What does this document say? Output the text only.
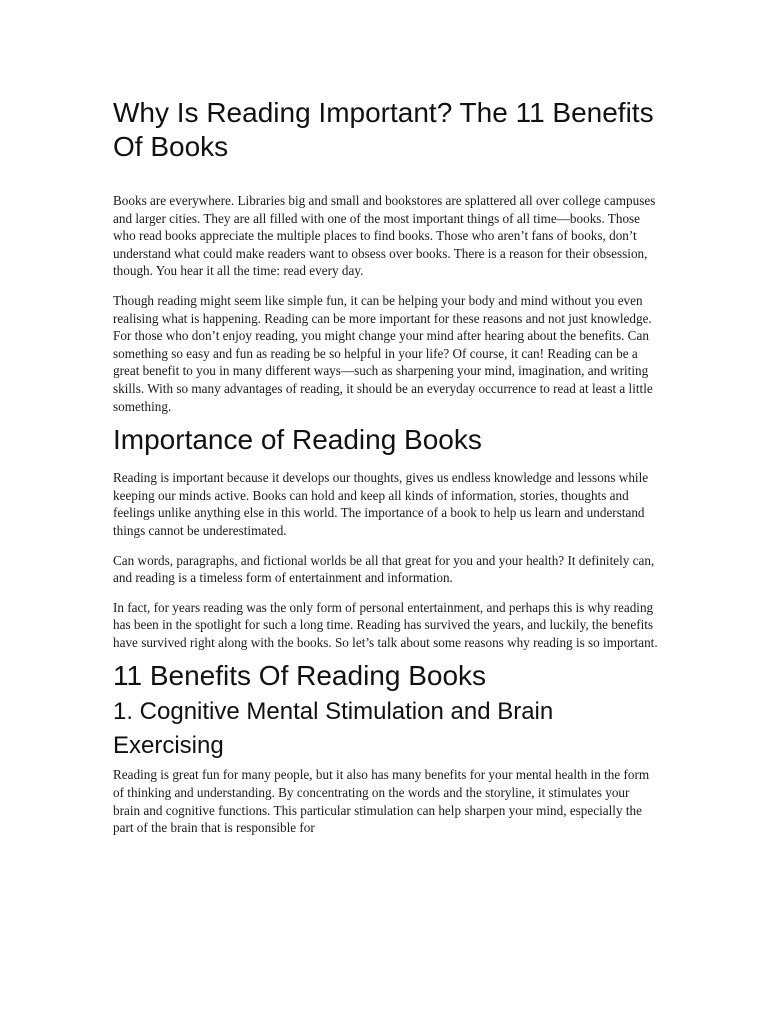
Why Is Reading Important? The 11 Benefits Of Books

Books are everywhere. Libraries big and small and bookstores are splattered all over college campuses and larger cities. They are all filled with one of the most important things of all time—books. Those who read books appreciate the multiple places to find books. Those who aren’t fans of books, don’t understand what could make readers want to obsess over books. There is a reason for their obsession, though. You hear it all the time: read every day.

Though reading might seem like simple fun, it can be helping your body and mind without you even realising what is happening. Reading can be more important for these reasons and not just knowledge. For those who don’t enjoy reading, you might change your mind after hearing about the benefits. Can something so easy and fun as reading be so helpful in your life? Of course, it can! Reading can be a great benefit to you in many different ways—such as sharpening your mind, imagination, and writing skills. With so many advantages of reading, it should be an everyday occurrence to read at least a little something.

Importance of Reading Books

Reading is important because it develops our thoughts, gives us endless knowledge and lessons while keeping our minds active. Books can hold and keep all kinds of information, stories, thoughts and feelings unlike anything else in this world. The importance of a book to help us learn and understand things cannot be underestimated.

Can words, paragraphs, and fictional worlds be all that great for you and your health? It definitely can, and reading is a timeless form of entertainment and information.

In fact, for years reading was the only form of personal entertainment, and perhaps this is why reading has been in the spotlight for such a long time. Reading has survived the years, and luckily, the benefits have survived right along with the books. So let’s talk about some reasons why reading is so important.

11 Benefits Of Reading Books
1. Cognitive Mental Stimulation and Brain Exercising

Reading is great fun for many people, but it also has many benefits for your mental health in the form of thinking and understanding. By concentrating on the words and the storyline, it stimulates your brain and cognitive functions. This particular stimulation can help sharpen your mind, especially the part of the brain that is responsible for
